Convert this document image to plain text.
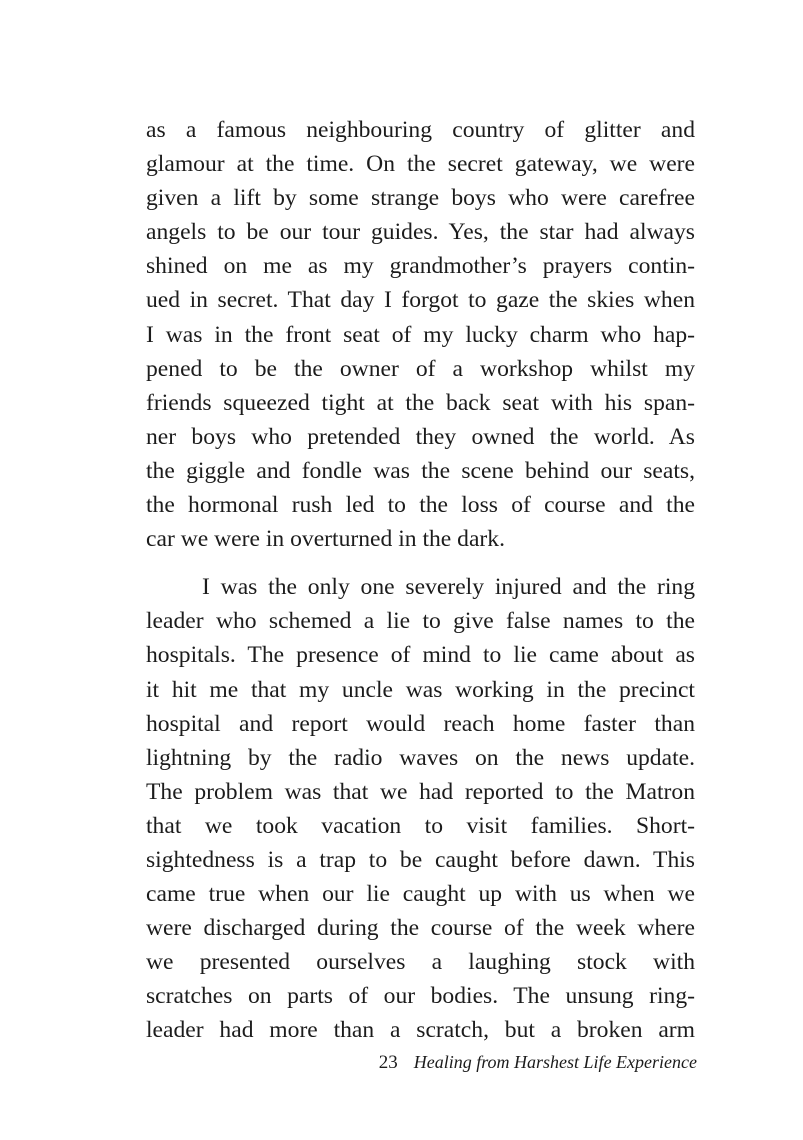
as a famous neighbouring country of glitter and
glamour at the time. On the secret gateway, we were
given a lift by some strange boys who were carefree
angels to be our tour guides. Yes, the star had always
shined on me as my grandmother’s prayers contin-
ued in secret. That day I forgot to gaze the skies when
I was in the front seat of my lucky charm who hap-
pened to be the owner of a workshop whilst my
friends squeezed tight at the back seat with his span-
ner boys who pretended they owned the world. As
the giggle and fondle was the scene behind our seats,
the hormonal rush led to the loss of course and the
car we were in overturned in the dark.
I was the only one severely injured and the ring
leader who schemed a lie to give false names to the
hospitals. The presence of mind to lie came about as
it hit me that my uncle was working in the precinct
hospital and report would reach home faster than
lightning by the radio waves on the news update.
The problem was that we had reported to the Matron
that we took vacation to visit families. Short-
sightedness is a trap to be caught before dawn. This
came true when our lie caught up with us when we
were discharged during the course of the week where
we presented ourselves a laughing stock with
scratches on parts of our bodies. The unsung ring-
leader had more than a scratch, but a broken arm
23 Healing from Harshest Life Experience
